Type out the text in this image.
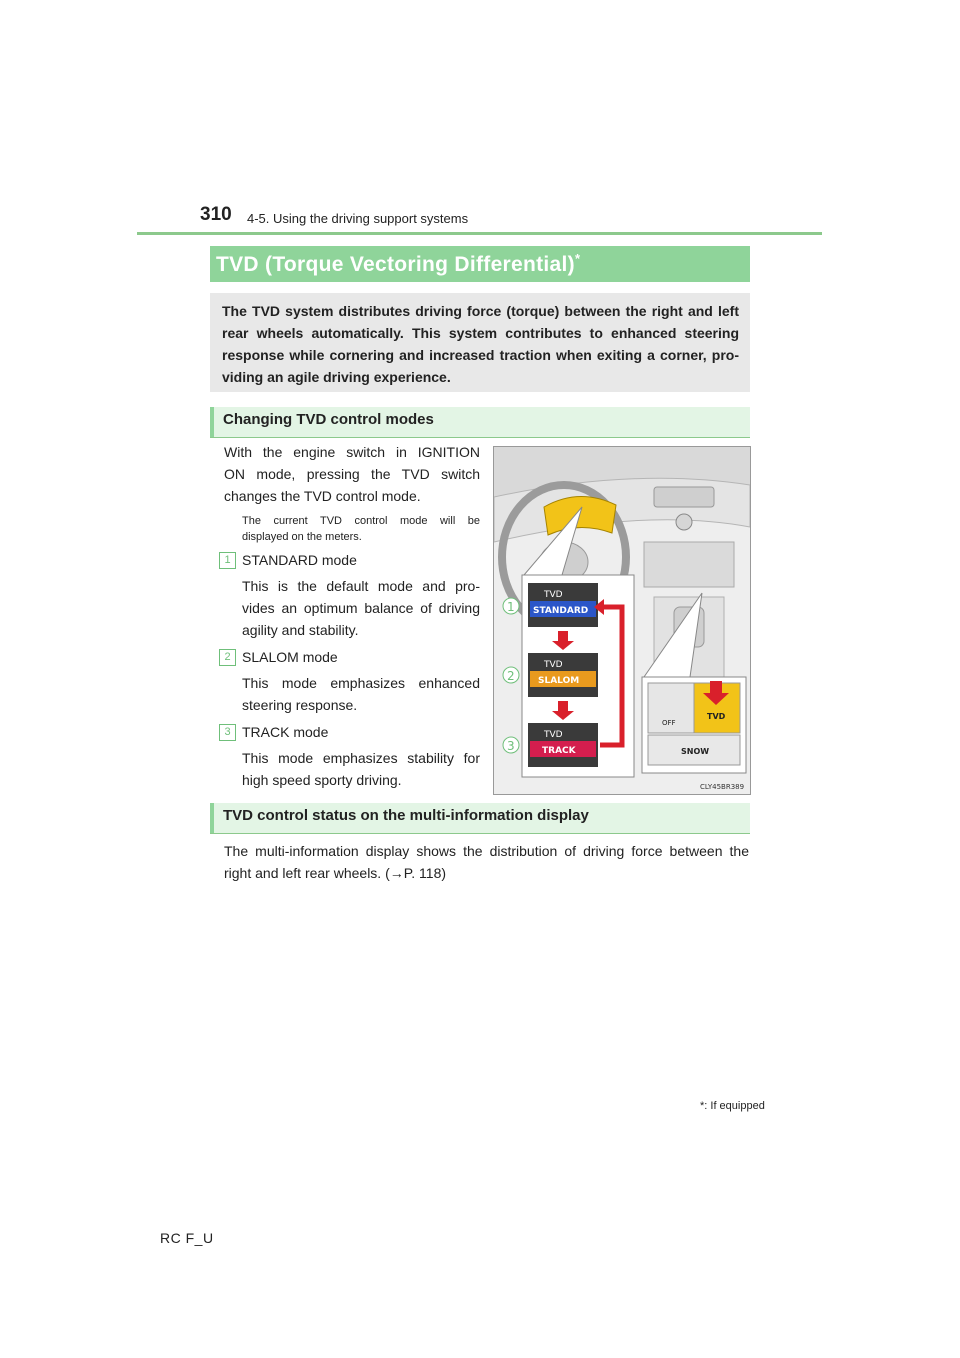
310 4-5. Using the driving support systems
TVD (Torque Vectoring Differential)*
The TVD system distributes driving force (torque) between the right and left rear wheels automatically. This system contributes to enhanced steering response while cornering and increased traction when exiting a corner, pro-viding an agile driving experience.
Changing TVD control modes
With the engine switch in IGNITION
ON mode, pressing the TVD switch
changes the TVD control mode.
The current TVD control mode will be
displayed on the meters.
1 STANDARD mode
This is the default mode and pro-
vides an optimum balance of driving
agility and stability.
2 SLALOM mode
This mode emphasizes enhanced
steering response.
3 TRACK mode
This mode emphasizes stability for
high speed sporty driving.
TVD
STANDARD
TVD
SLALOM
TVD
TRACK
1
2
3
OFF
TVD
SNOW
CLY45BR389
TVD control status on the multi-information display
The multi-information display shows the distribution of driving force between the
right and left rear wheels. (→P. 118)
*: If equipped
RC F_U
